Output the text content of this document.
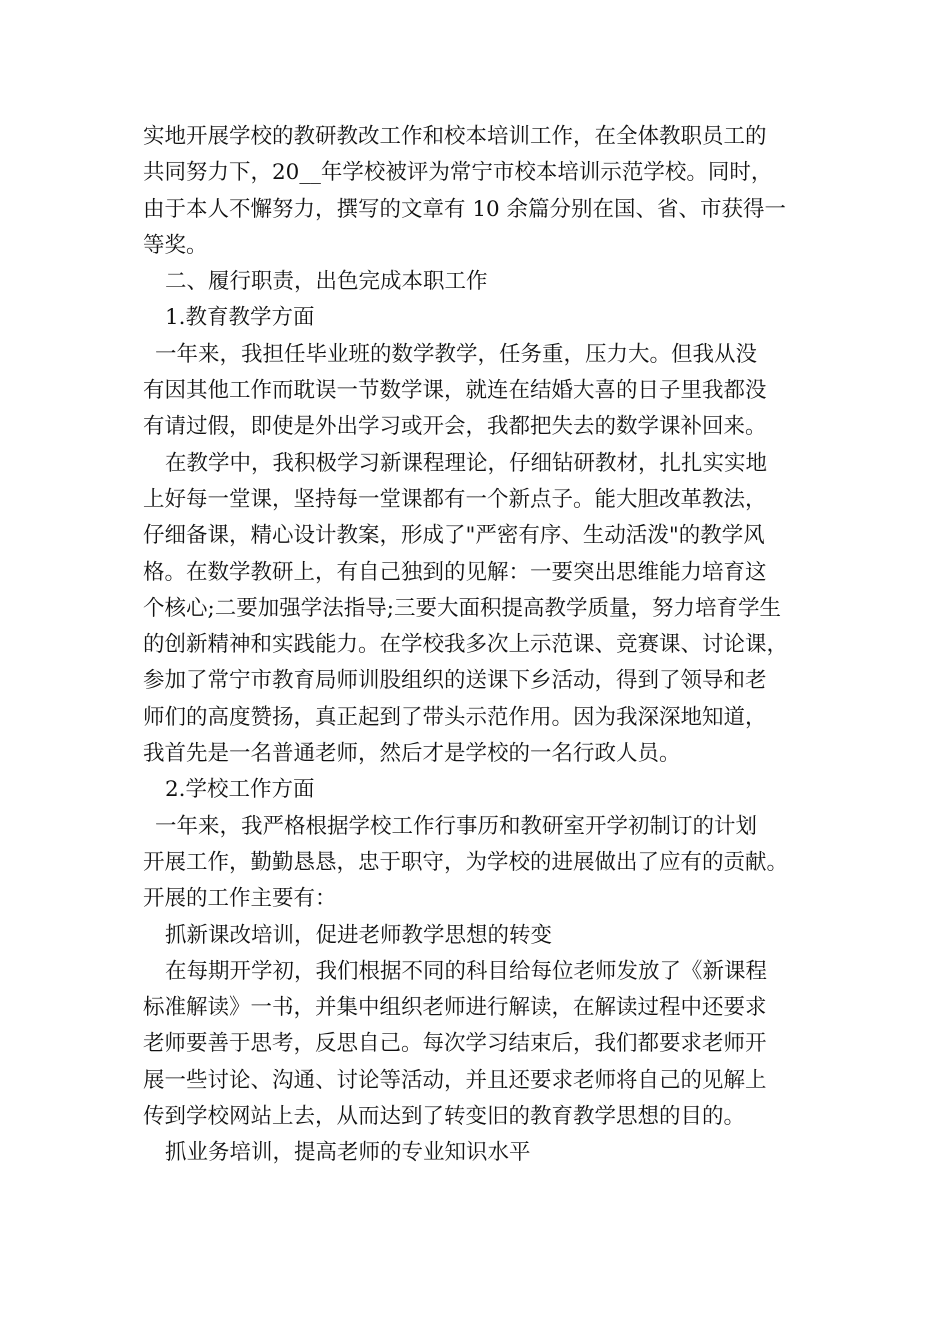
实地开展学校的教研教改工作和校本培训工作，在全体教职员工的
共同努力下，20__年学校被评为常宁市校本培训示范学校。同时，
由于本人不懈努力，撰写的文章有 10 余篇分别在国、省、市获得一
等奖。
二、履行职责，出色完成本职工作
1.教育教学方面
一年来，我担任毕业班的数学教学，任务重，压力大。但我从没
有因其他工作而耽误一节数学课，就连在结婚大喜的日子里我都没
有请过假，即使是外出学习或开会，我都把失去的数学课补回来。
在教学中，我积极学习新课程理论，仔细钻研教材，扎扎实实地
上好每一堂课，坚持每一堂课都有一个新点子。能大胆改革教法，
仔细备课，精心设计教案，形成了"严密有序、生动活泼"的教学风
格。在数学教研上，有自己独到的见解：一要突出思维能力培育这
个核心;二要加强学法指导;三要大面积提高教学质量，努力培育学生
的创新精神和实践能力。在学校我多次上示范课、竞赛课、讨论课，
参加了常宁市教育局师训股组织的送课下乡活动，得到了领导和老
师们的高度赞扬，真正起到了带头示范作用。因为我深深地知道，
我首先是一名普通老师，然后才是学校的一名行政人员。
2.学校工作方面
一年来，我严格根据学校工作行事历和教研室开学初制订的计划
开展工作，勤勤恳恳，忠于职守，为学校的进展做出了应有的贡献。
开展的工作主要有：
抓新课改培训，促进老师教学思想的转变
在每期开学初，我们根据不同的科目给每位老师发放了《新课程
标准解读》一书，并集中组织老师进行解读，在解读过程中还要求
老师要善于思考，反思自己。每次学习结束后，我们都要求老师开
展一些讨论、沟通、讨论等活动，并且还要求老师将自己的见解上
传到学校网站上去，从而达到了转变旧的教育教学思想的目的。
抓业务培训，提高老师的专业知识水平
